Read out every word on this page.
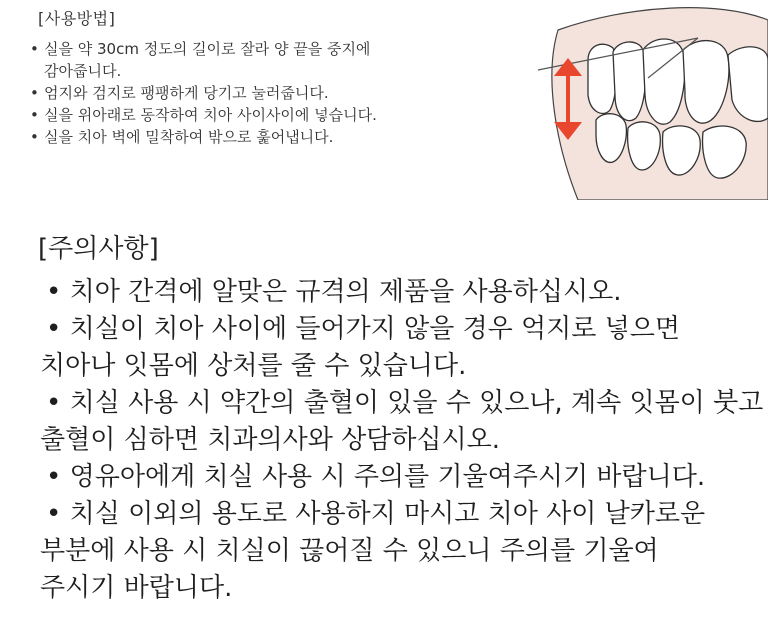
[사용방법]
• 실을 약 30cm 정도의 길이로 잘라 양 끝을 중지에
감아줍니다.
• 엄지와 검지로 팽팽하게 당기고 눌러줍니다.
• 실을 위아래로 동작하여 치아 사이사이에 넣습니다.
• 실을 치아 벽에 밀착하여 밖으로 훑어냅니다.
[주의사항]
• 치아 간격에 알맞은 규격의 제품을 사용하십시오.
• 치실이 치아 사이에 들어가지 않을 경우 억지로 넣으면
치아나 잇몸에 상처를 줄 수 있습니다.
• 치실 사용 시 약간의 출혈이 있을 수 있으나, 계속 잇몸이 붓고
출혈이 심하면 치과의사와 상담하십시오.
• 영유아에게 치실 사용 시 주의를 기울여주시기 바랍니다.
• 치실 이외의 용도로 사용하지 마시고 치아 사이 날카로운
부분에 사용 시 치실이 끊어질 수 있으니 주의를 기울여
주시기 바랍니다.
